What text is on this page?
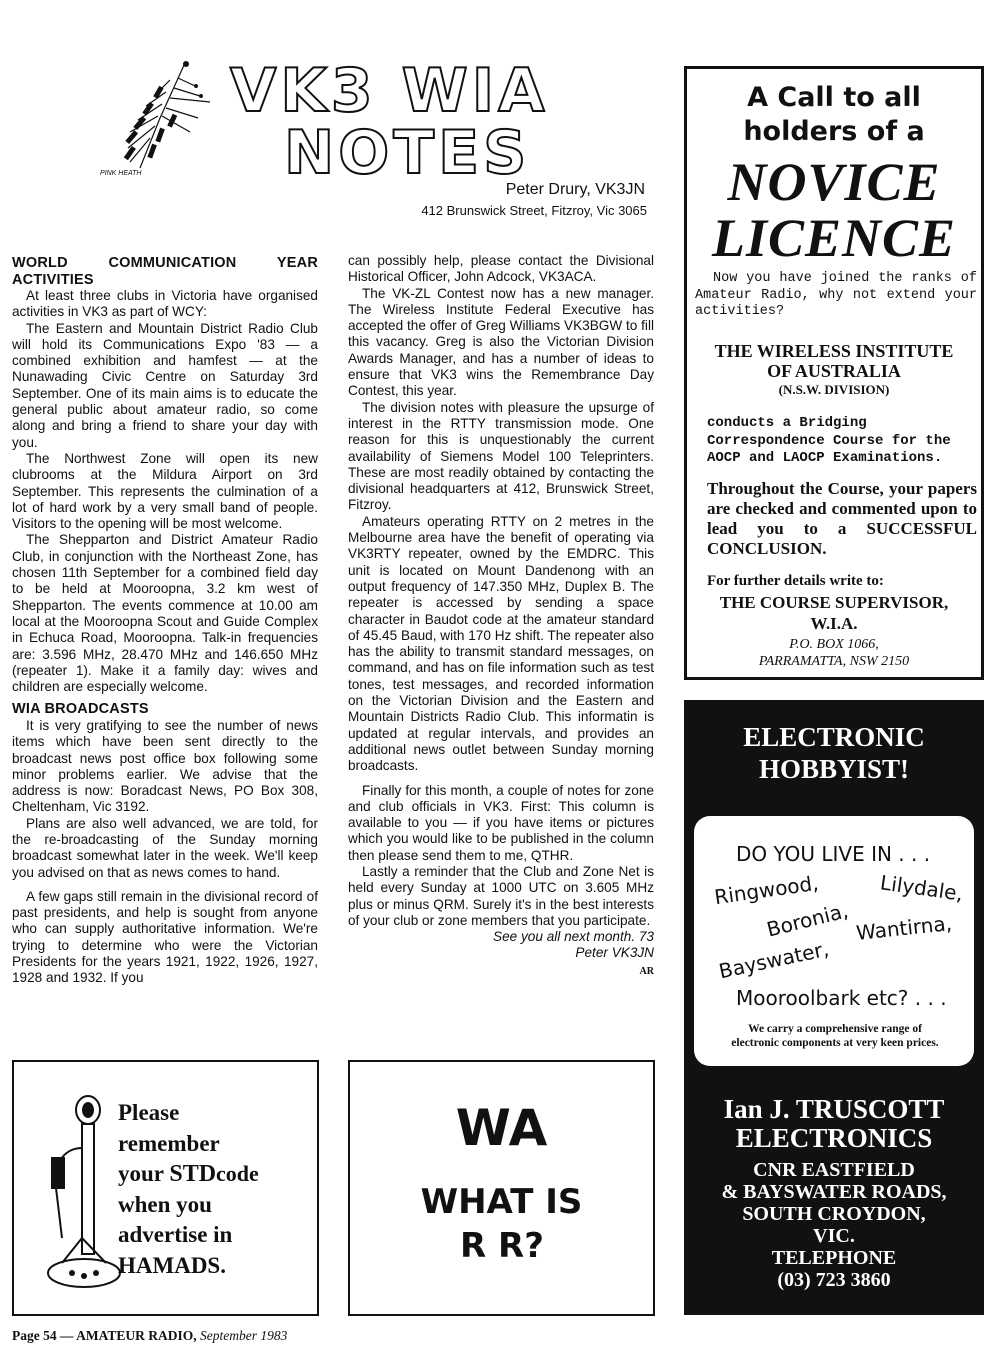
VK3 WIA
NOTES
PINK HEATH
Peter Drury, VK3JN
412 Brunswick Street, Fitzroy, Vic 3065
WORLD COMMUNICATION YEAR ACTIVITIES

At least three clubs in Victoria have organised activities in VK3 as part of WCY:

The Eastern and Mountain District Radio Club will hold its Communications Expo '83 — a combined exhibition and hamfest — at the Nunawading Civic Centre on Saturday 3rd September. One of its main aims is to educate the general public about amateur radio, so come along and bring a friend to share your day with you.

The Northwest Zone will open its new clubrooms at the Mildura Airport on 3rd September. This represents the culmination of a lot of hard work by a very small band of people. Visitors to the opening will be most welcome.

The Shepparton and District Amateur Radio Club, in conjunction with the Northeast Zone, has chosen 11th September for a combined field day to be held at Mooroopna, 3.2 km west of Shepparton. The events commence at 10.00 am local at the Mooroopna Scout and Guide Complex in Echuca Road, Mooroopna. Talk-in frequencies are: 3.596 MHz, 28.470 MHz and 146.650 MHz (repeater 1). Make it a family day: wives and children are especially welcome.

WIA BROADCASTS

It is very gratifying to see the number of news items which have been sent directly to the broadcast news post office box following some minor problems earlier. We advise that the address is now: Boradcast News, PO Box 308, Cheltenham, Vic 3192.

Plans are also well advanced, we are told, for the re-broadcasting of the Sunday morning broadcast somewhat later in the week. We'll keep you advised on that as news comes to hand.

A few gaps still remain in the divisional record of past presidents, and help is sought from anyone who can supply authoritative information. We're trying to determine who were the Victorian Presidents for the years 1921, 1922, 1926, 1927, 1928 and 1932. If you

can possibly help, please contact the Divisional Historical Officer, John Adcock, VK3ACA.

The VK-ZL Contest now has a new manager. The Wireless Institute Federal Executive has accepted the offer of Greg Williams VK3BGW to fill this vacancy. Greg is also the Victorian Division Awards Manager, and has a number of ideas to ensure that VK3 wins the Remembrance Day Contest, this year.

The division notes with pleasure the upsurge of interest in the RTTY transmission mode. One reason for this is unquestionably the current availability of Siemens Model 100 Teleprinters. These are most readily obtained by contacting the divisional headquarters at 412, Brunswick Street, Fitzroy.

Amateurs operating RTTY on 2 metres in the Melbourne area have the benefit of operating via VK3RTY repeater, owned by the EMDRC. This unit is located on Mount Dandenong with an output frequency of 147.350 MHz, Duplex B. The repeater is accessed by sending a space character in Baudot code at the amateur standard of 45.45 Baud, with 170 Hz shift. The repeater also has the ability to transmit standard messages, on command, and has on file information such as test tones, test messages, and recorded information on the Victorian Division and the Eastern and Mountain Districts Radio Club. This informatin is updated at regular intervals, and provides an additional news outlet between Sunday morning broadcasts.

Finally for this month, a couple of notes for zone and club officials in VK3. First: This column is available to you — if you have items or pictures which you would like to be published in the column then please send them to me, QTHR.

Lastly a reminder that the Club and Zone Net is held every Sunday at 1000 UTC on 3.605 MHz plus or minus QRM. Surely it's in the best interests of your club or zone members that you participate.

See you all next month. 73

Peter VK3JN

AR
A Call to all
holders of a
NOVICE
LICENCE
Now you have joined the ranks of Amateur Radio, why not extend your activities?
THE WIRELESS INSTITUTE
OF AUSTRALIA
(N.S.W. DIVISION)
conducts a Bridging Correspondence Course for the AOCP and LAOCP Examinations.
Throughout the Course, your papers are checked and commented upon to lead you to a SUCCESSFUL CONCLUSION.
For further details write to:
THE COURSE SUPERVISOR,
W.I.A.
P.O. BOX 1066,
PARRAMATTA, NSW 2150
ELECTRONIC
HOBBYIST!
DO YOU LIVE IN . . .
Ringwood,	Lilydale,
Boronia, Wantirna,
Bayswater,
Mooroolbark etc? . . .
We carry a comprehensive range of electronic components at very keen prices.
Ian J. TRUSCOTT
ELECTRONICS
CNR EASTFIELD
& BAYSWATER ROADS,
SOUTH CROYDON,
VIC.
TELEPHONE
(03) 723 3860
Please
remember
your STDcode
when you
advertise in
HAMADS.
WA
WHAT IS
R R?
Page 54 — AMATEUR RADIO, September 1983
